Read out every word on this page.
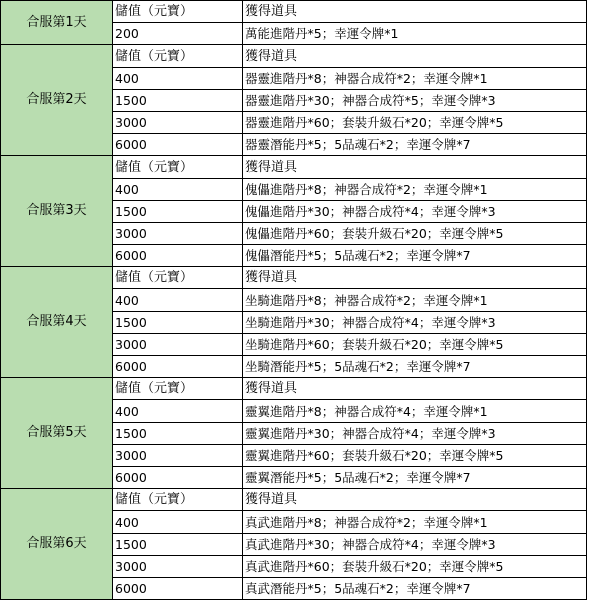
合服第1天	儲值（元寶）	獲得道具
	200	萬能進階丹*5；幸運令牌*1
合服第2天	儲值（元寶）	獲得道具
	400	器靈進階丹*8；神器合成符*2；幸運令牌*1
	1500	器靈進階丹*30；神器合成符*5；幸運令牌*3
	3000	器靈進階丹*60；套裝升級石*20；幸運令牌*5
	6000	器靈潛能丹*5；5品魂石*2；幸運令牌*7
合服第3天	儲值（元寶）	獲得道具
	400	傀儡進階丹*8；神器合成符*2；幸運令牌*1
	1500	傀儡進階丹*30；神器合成符*4；幸運令牌*3
	3000	傀儡進階丹*60；套裝升級石*20；幸運令牌*5
	6000	傀儡潛能丹*5；5品魂石*2；幸運令牌*7
合服第4天	儲值（元寶）	獲得道具
	400	坐騎進階丹*8；神器合成符*2；幸運令牌*1
	1500	坐騎進階丹*30；神器合成符*4；幸運令牌*3
	3000	坐騎進階丹*60；套裝升級石*20；幸運令牌*5
	6000	坐騎潛能丹*5；5品魂石*2；幸運令牌*7
合服第5天	儲值（元寶）	獲得道具
	400	靈翼進階丹*8；神器合成符*4；幸運令牌*1
	1500	靈翼進階丹*30；神器合成符*4；幸運令牌*3
	3000	靈翼進階丹*60；套裝升級石*20；幸運令牌*5
	6000	靈翼潛能丹*5；5品魂石*2；幸運令牌*7
合服第6天	儲值（元寶）	獲得道具
	400	真武進階丹*8；神器合成符*2；幸運令牌*1
	1500	真武進階丹*30；神器合成符*4；幸運令牌*3
	3000	真武進階丹*60；套裝升級石*20；幸運令牌*5
	6000	真武潛能丹*5；5品魂石*2；幸運令牌*7
